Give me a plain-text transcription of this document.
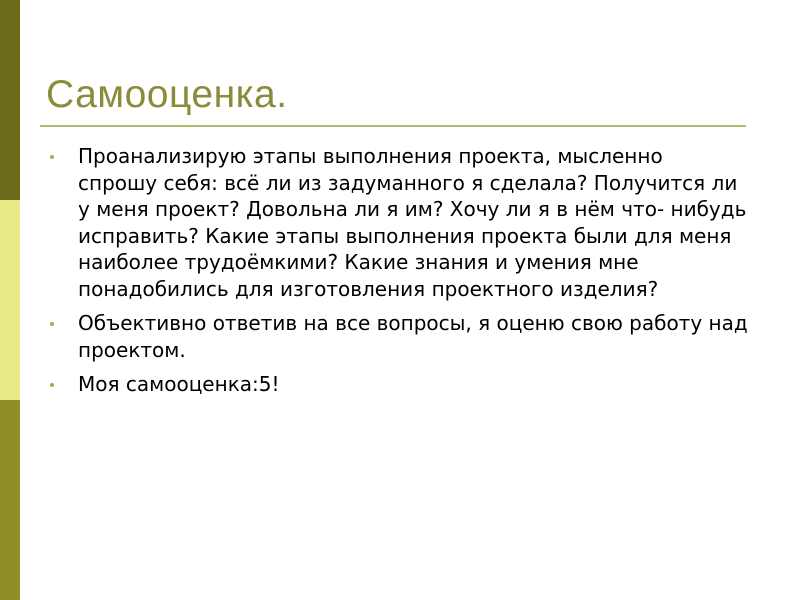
Самооценка.
Проанализирую этапы выполнения проекта, мысленно спрошу себя: всё ли из задуманного я сделала? Получится ли у меня проект? Довольна ли я им? Хочу ли я в нём что- нибудь исправить? Какие этапы выполнения проекта были для меня наиболее трудоёмкими? Какие знания и умения мне понадобились для изготовления проектного изделия?
Объективно ответив на все вопросы, я оценю свою работу над проектом.
Моя самооценка:5!
